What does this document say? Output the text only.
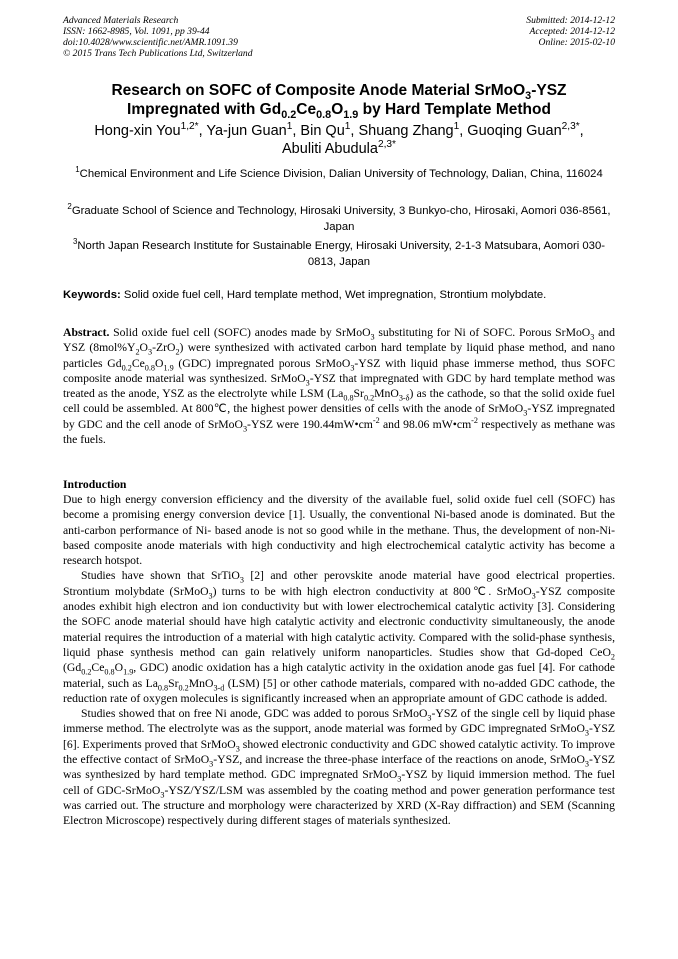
Advanced Materials Research
ISSN: 1662-8985, Vol. 1091, pp 39-44
doi:10.4028/www.scientific.net/AMR.1091.39
© 2015 Trans Tech Publications Ltd, Switzerland
Submitted: 2014-12-12
Accepted: 2014-12-12
Online: 2015-02-10
Research on SOFC of Composite Anode Material SrMoO$_3$-YSZ
Impregnated with $Gd_{0.2}Ce_{0.8}O_{1.9}$ by Hard Template Method
Hong-xin You$^{1,2*}$, Ya-jun Guan$^1$, Bin Qu$^1$, Shuang Zhang$^1$, Guoqing Guan$^{2,3*}$,
Abuliti Abudula$^{2,3*}$
$^1$Chemical Environment and Life Science Division, Dalian University of Technology, Dalian, China, 116024
$^2$Graduate School of Science and Technology, Hirosaki University, 3 Bunkyo-cho, Hirosaki, Aomori 036-8561, Japan
$^3$North Japan Research Institute for Sustainable Energy, Hirosaki University, 2-1-3 Matsubara, Aomori 030-0813, Japan
Keywords: Solid oxide fuel cell, Hard template method, Wet impregnation, Strontium molybdate.

Abstract. Solid oxide fuel cell (SOFC) anodes made by SrMoO$_3$ substituting for Ni of SOFC. Porous SrMoO$_3$ and YSZ $(8mol\%Y_2O_3-ZrO_2)$ were synthesized with activated carbon hard template by liquid phase method, and nano particles $Gd_{0.2}Ce_{0.8}O_{1.9}$ (GDC) impregnated porous SrMoO$_3$-YSZ with liquid phase immerse method, thus SOFC composite anode material was synthesized. SrMoO$_3$-YSZ that impregnated with GDC by hard template method was treated as the anode, YSZ as the electrolyte while LSM $(La_{0.8}Sr_{0.2}MnO_{3-\delta})$ as the cathode, so that the solid oxide fuel cell could be assembled. At 800℃, the highest power densities of cells with the anode of SrMoO$_3$-YSZ impregnated by GDC and the cell anode of SrMoO$_3$-YSZ were $190.44mW•cm^{-2}$ and 98.06 $mW•cm^{-2}$ respectively as methane was the fuels.

Introduction

Due to high energy conversion efficiency and the diversity of the available fuel, solid oxide fuel cell (SOFC) has become a promising energy conversion device [1]. Usually, the conventional Ni-based anode is dominated. But the anti-carbon performance of Ni- based anode is not so good while in the methane. Thus, the development of non-Ni-based composite anode materials with high conductivity and high electrochemical catalytic activity has become a research hotspot.

Studies have shown that SrTiO$_3$ [2] and other perovskite anode material have good electrical properties. Strontium molybdate (SrMoO$_3$) turns to be with high electron conductivity at 800℃. SrMoO$_3$-YSZ composite anodes exhibit high electron and ion conductivity but with lower electrochemical catalytic activity [3]. Considering the SOFC anode material should have high catalytic activity and electronic conductivity simultaneously, the anode material requires the introduction of a material with high catalytic activity. Compared with the solid-phase synthesis, liquid phase synthesis method can gain relatively uniform nanoparticles. Studies show that Gd-doped CeO$_2$ ($Gd_{0.2}Ce_{0.8}O_{1.9}$, GDC) anodic oxidation has a high catalytic activity in the oxidation anode gas fuel [4]. For cathode material, such as $La_{0.8}Sr_{0.2}MnO_{3-d}$ (LSM) [5] or other cathode materials, compared with no-added GDC cathode, the reduction rate of oxygen molecules is significantly increased when an appropriate amount of GDC cathode is added.

Studies showed that on free Ni anode, GDC was added to porous SrMoO$_3$-YSZ of the single cell by liquid phase immerse method. The electrolyte was as the support, anode material was formed by GDC impregnated SrMoO$_3$-YSZ [6]. Experiments proved that SrMoO$_3$ showed electronic conductivity and GDC showed catalytic activity. To improve the effective contact of SrMoO$_3$-YSZ, and increase the three-phase interface of the reactions on anode, SrMoO$_3$-YSZ was synthesized by hard template method. GDC impregnated SrMoO$_3$-YSZ by liquid immersion method. The fuel cell of GDC-SrMoO$_3$-YSZ/YSZ/LSM was assembled by the coating method and power generation performance test was carried out. The structure and morphology were characterized by XRD (X-Ray diffraction) and SEM (Scanning Electron Microscope) respectively during different stages of materials synthesized.
